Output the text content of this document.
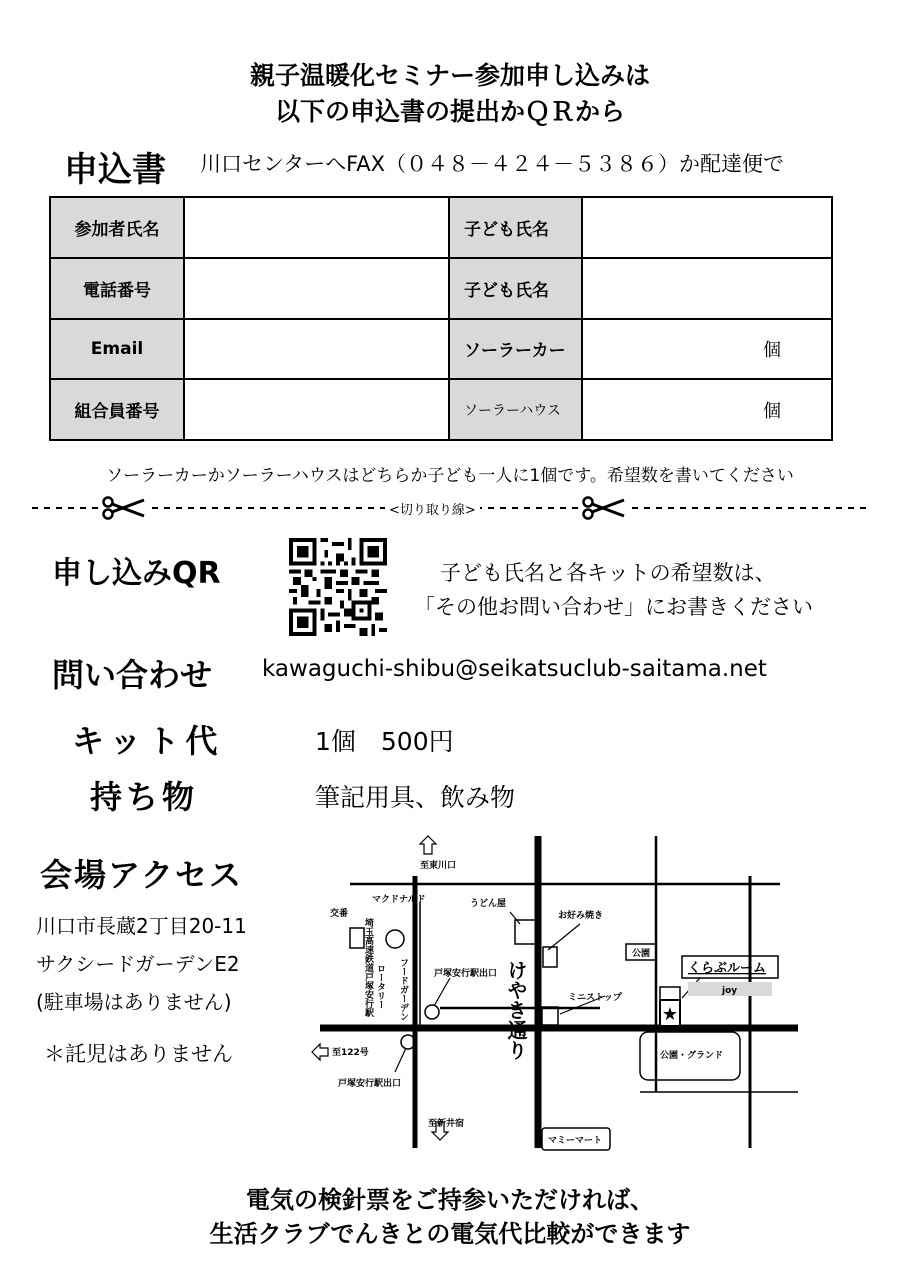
親子温暖化セミナー参加申し込みは
以下の申込書の提出かＱＲから
申込書 川口センターへFAX（０４８－４２４－５３８６）か配達便で
参加者氏名		子ども氏名	
電話番号		子ども氏名	
Email		ソーラーカー	個
組合員番号		ソーラーハウス	個
ソーラーカーかソーラーハウスはどちらか子ども一人に1個です。希望数を書いてください
<切り取り線>
申し込みQR	子ども氏名と各キットの希望数は、
「その他お問い合わせ」にお書きください
問い合わせ kawaguchi-shibu@seikatsuclub-saitama.net
キット代	1個　500円
持ち物	筆記用具、飲み物
会場アクセス
川口市長蔵2丁目20-11
サクシードガーデンE2
(駐車場はありません)
＊託児はありません
★
至東川口
至新井宿
至122号
マクドナルド
交番
埼玉高速鉄道戸塚安行駅 ロータリー フードガーデン
うどん屋
お好み焼き
戸塚安行駅出口
戸塚安行駅出口
けやき通り	ミニストップ
公園
くらぶルーム
joy
公園・グランド
マミーマート
電気の検針票をご持参いただければ、
生活クラブでんきとの電気代比較ができます
